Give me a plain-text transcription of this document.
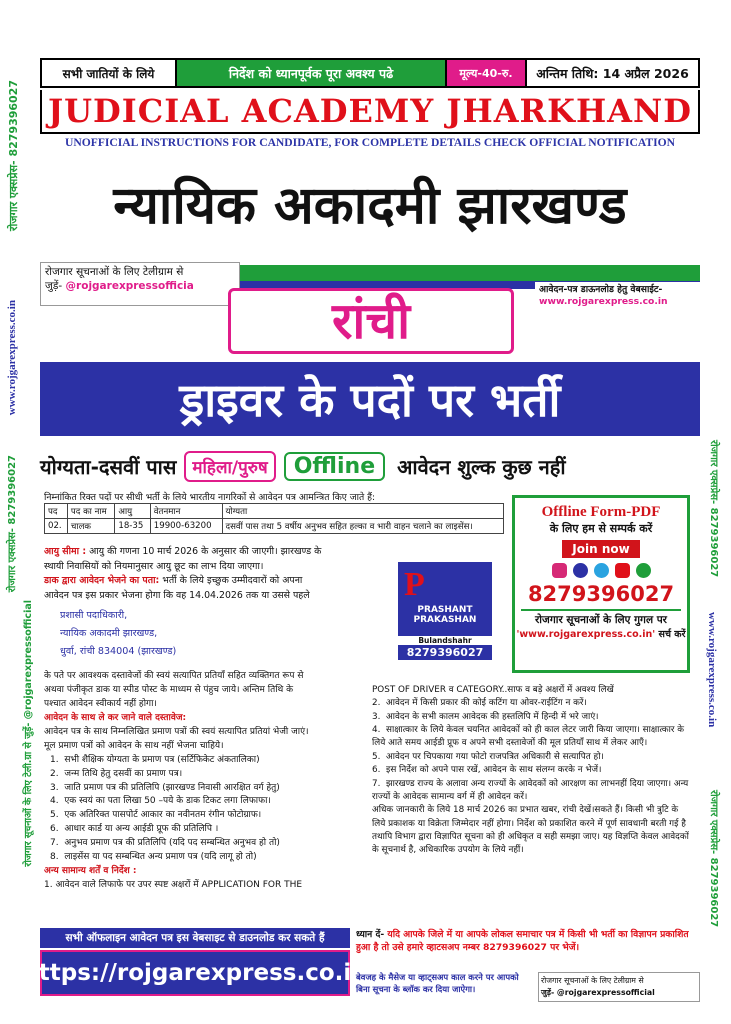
रोजगार एक्सप्रेस- 8279396027
www.rojgarexpress.co.in
रोजगार एक्सप्रेस- 8279396027
रोजगार सूचनाओं के लिए टेली.ग्रा से जुड़ें- @rojgarexpressofficial
रोजगार एक्सप्रेस- 8279396027
www.rojgarexpress.co.in
रोजगार एक्सप्रेस- 8279396027
सभी जातियों के लिये	निर्देश को ध्यानपूर्वक पूरा अवश्य पढे	मूल्य-40-रु.	अन्तिम तिथि: 14 अप्रैल 2026
JUDICIAL ACADEMY JHARKHAND
UNOFFICIAL INSTRUCTIONS FOR CANDIDATE, FOR COMPLETE DETAILS CHECK OFFICIAL NOTIFICATION
न्यायिक अकादमी झारखण्ड
रोजगार सूचनाओं के लिए टेलीग्राम से
जुड़ें- @rojgarexpressofficia	आवेदन-पत्र डाऊनलोड हेतु वेबसाईट-
www.rojgarexpress.co.in
रांची
ड्राइवर के पदों पर भर्ती
योग्यता-दसवीं पास महिला/पुरुष	Offline	आवेदन शुल्क कुछ नहीं
निम्नांकित रिक्त पदों पर सीधी भर्ती के लिये भारतीय नागरिकों से आवेदन पत्र आमन्त्रित किए जाते हैं:
पद	पद का नाम	आयु	वेतनमान	योग्यता
02.	चालक	18-35	19900-63200	दसवीं पास तथा 5 वर्षीय अनुभव सहित हल्का व भारी वाहन चलाने का लाइसेंस।
आयु सीमा : आयु की गणना 10 मार्च 2026 के अनुसार की जाएगी। झारखण्ड के
स्थायी निवासियों को नियमानुसार आयु छूट का लाभ दिया जाएगा।
डाक द्वारा आवेदन भेजने का पता: भर्ती के लिये इच्छुक उम्मीदवारों को अपना
आवेदन पत्र इस प्रकार भेजना होगा कि वह 14.04.2026 तक या उससे पहले
प्रशासी पदाधिकारी,
न्यायिक अकादमी झारखण्ड,
धुर्वा, रांची 834004 (झारखण्ड)
के पते पर आवश्यक दस्तावेजों की स्वयं सत्यापित प्रतियाँ सहित व्यक्तिगत रूप से
अथवा पंजीकृत डाक या स्पीड पोस्ट के माध्यम से पंहुच जाये। अन्तिम तिथि के
पश्चात आवेदन स्वीकार्य नहीं होगा।
आवेदन के साथ ले कर जाने वाले दस्तावेज:
आवेदन पत्र के साथ निम्नलिखित प्रमाण पत्रों की स्वयं सत्यापित प्रतियां भेजी जाएं।
मूल प्रमाण पत्रों को आवेदन के साथ नहीं भेजना चाहिये।
1. सभी शैक्षिक योग्यता के प्रमाण पत्र (सर्टिफिकेट अंकतालिका)
2. जन्म तिथि हेतु दसवीं का प्रमाण पत्र।
3. जाति प्रमाण पत्र की प्रतिलिपि (झारखण्ड निवासी आरक्षित वर्ग हेतु)
4. एक स्वयं का पता लिखा 50 –पये के डाक टिकट लगा लिफाफा।
5. एक अतिरिक्त पासपोर्ट आकार का नवीनतम रंगीन फोटोग्राफ।
6. आधार कार्ड या अन्य आईडी प्रूफ की प्रतिलिपि ।
7. अनुभव प्रमाण पत्र की प्रतिलिपि (यदि पद सम्बन्धित अनुभव हो तो)
8. लाइसेंस या पद सम्बन्धित अन्य प्रमाण पत्र (यदि लागू हो तो)
अन्य सामान्य शर्तें व निर्देश :
1. आवेदन वाले लिफाफे पर उपर स्पष्ट अक्षरों में APPLICATION FOR THE
POST OF DRIVER व CATEGORY..साफ व बड़े अक्षरों में अवश्य लिखें
2. आवेदन में किसी प्रकार की कोई कटिंग या ओवर-राईटिंग न करें।
3. आवेदन के सभी कालम आवेदक की हस्तलिपि में हिन्दी में भरे जाएं।
4. साक्षात्कार के लिये केवल चयनित आवेदकों को ही काल लेटर जारी किया जाएगा। साक्षात्कार के लिये आते समय आईडी प्रूफ व अपने सभी दस्तावेजों की मूल प्रतियाँ साथ में लेकर आएँ।
5. आवेदन पर चिपकाया गया फोटो राजपत्रित अधिकारी से सत्यापित हो।
6. इस निर्देश को अपने पास रखें, आवेदन के साथ संलग्न करके न भेजें।
7. झारखण्ड राज्य के अलावा अन्य राज्यों के आवेदकों को आरक्षण का लाभनहीं दिया जाएगा। अन्य राज्यों के आवेदक सामान्य वर्ग में ही आवेदन करें।
अधिक जानकारी के लिये 18 मार्च 2026 का प्रभात खबर, रांची देखें।सकते हैं। किसी भी त्रुटि के लिये प्रकाशक या विक्रेता जिम्मेदार नहीं होगा। निर्देश को प्रकाशित करने में पूर्ण सावधानी बरती गई है तथापि विभाग द्वारा विज्ञापित सूचना को ही अधिकृत व सही समझा जाए। यह विज्ञप्ति केवल आवेदकों के सूचनार्थ है, अधिकारिक उपयोग के लिये नहीं।
Offline Form-PDF
के लिए हम से सम्पर्क करें
Join now
8279396027
रोजगार सूचनाओं के लिए गुगल पर
'www.rojgarexpress.co.in' सर्च करें
P
PRASHANT
PRAKASHAN
Bulandshahr
8279396027
सभी ऑफलाइन आवेदन पत्र इस वेबसाइट से डाउनलोड कर सकते हैं
https://rojgarexpress.co.in
ध्यान दें- यदि आपके जिले में या आपके लोकल समाचार पत्र में किसी भी भर्ती का विज्ञापन प्रकाशित हुआ है तो उसे हमारे व्हाटसअप नम्बर 8279396027 पर भेजें।
बेवजह के मैसेज या व्हाट्सअप काल करने पर आपको बिना सूचना के ब्लॉक कर दिया जाऐगा।
रोजगार सूचनाओं के लिए टेलीग्राम से
जुड़ें- @rojgarexpressofficial
